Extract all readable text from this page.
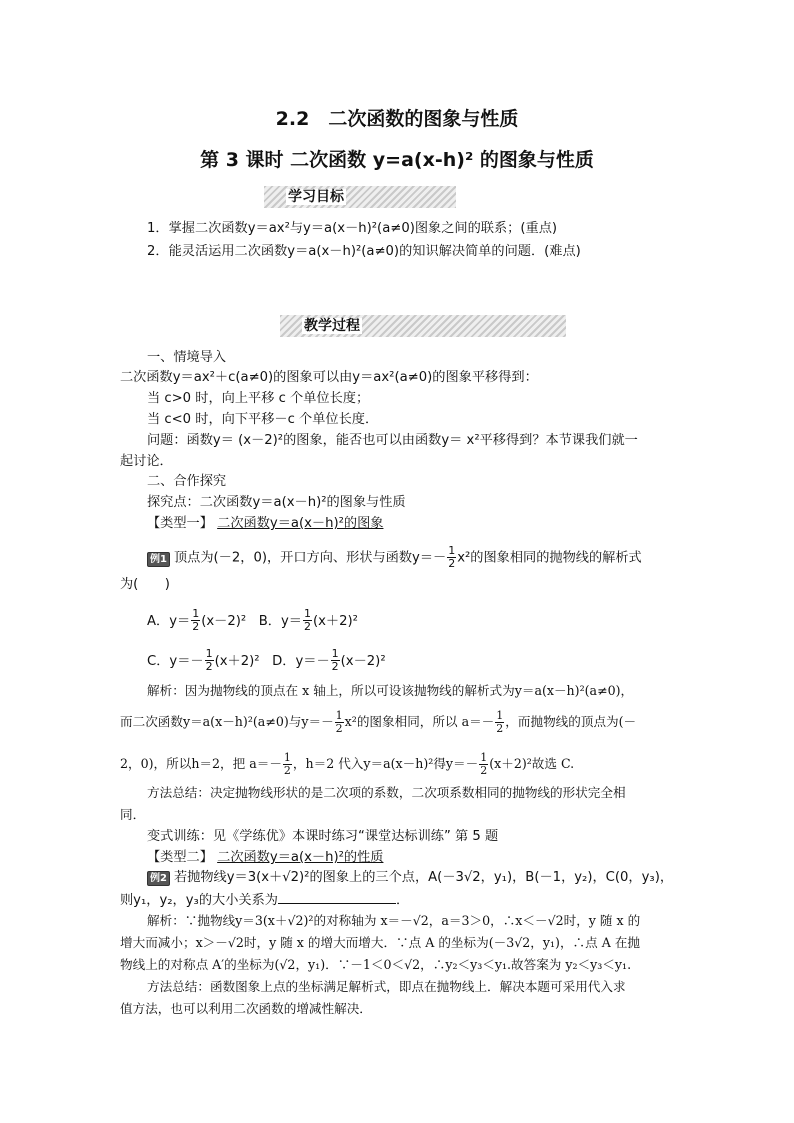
2.2　二次函数的图象与性质
第 3 课时 二次函数 y=a(x-h)² 的图象与性质
学习目标
1．掌握二次函数y＝ax²与y＝a(x－h)²(a≠0)图象之间的联系；(重点)
2．能灵活运用二次函数y＝a(x－h)²(a≠0)的知识解决简单的问题．(难点)
教学过程
一、情境导入
二次函数y＝ax²＋c(a≠0)的图象可以由y＝ax²(a≠0)的图象平移得到：
当 c>0 时，向上平移 c 个单位长度；
当 c<0 时，向下平移－c 个单位长度．
问题：函数y＝ (x－2)²的图象，能否也可以由函数y＝ x²平移得到？本节课我们就一
起讨论．
二、合作探究
探究点：二次函数y＝a(x－h)²的图象与性质
【类型一】 二次函数y＝a(x－h)²的图象
例1 顶点为(－2，0)，开口方向、形状与函数$y=- \frac{1}{2} x^2$的图象相同的抛物线的解析式
为(　　)
A．$y= \frac{1}{2} (x-2)^2$ B．$y= \frac{1}{2} (x+2)^2$
C．$y=- \frac{1}{2} (x+2)^2$ D．$y=- \frac{1}{2} (x-2)^2$
解析：因为抛物线的顶点在 x 轴上，所以可设该抛物线的解析式为y＝a(x－h)²(a≠0)，
而二次函数y＝a(x－h)²(a≠0)与$y=- \frac{1}{2} x^2$的图象相同，所以 $a=- \frac{1}{2}$ ，而抛物线的顶点为(－
2，0)，所以h＝2，把 $a=- \frac{1}{2}$ ，h＝2 代入y＝a(x－h)²得$y=- \frac{1}{2} (x+2)^2$故选 C.
方法总结：决定抛物线形状的是二次项的系数，二次项系数相同的抛物线的形状完全相
同．
变式训练：见《学练优》本课时练习“课堂达标训练” 第 5 题
【类型二】 二次函数y＝a(x－h)²的性质
例2 若抛物线y＝3(x＋√2)²的图象上的三个点，A(－3√2，y₁)，B(－1，y₂)，C(0，y₃)，
则y₁，y₂，y₃的大小关系为	．
解析：∵抛物线y＝3(x＋√2)²的对称轴为 x＝－√2，a＝3＞0，∴x＜－√2时，y 随 x 的
增大而减小；x＞－√2时，y 随 x 的增大而增大．∵点 A 的坐标为(－3√2，y₁)，∴点 A 在抛
物线上的对称点 A′的坐标为(√2，y₁)．∵－1＜0＜√2，∴y₂＜y₃＜y₁.故答案为 y₂＜y₃＜y₁.
方法总结：函数图象上点的坐标满足解析式，即点在抛物线上．解决本题可采用代入求
值方法，也可以利用二次函数的增减性解决．
